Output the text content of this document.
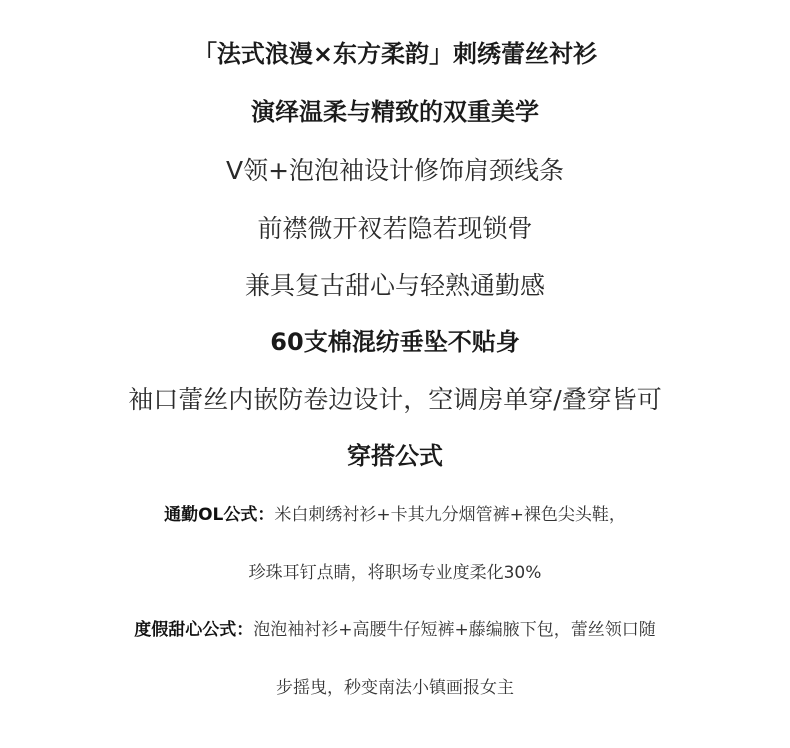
「法式浪漫×东方柔韵」刺绣蕾丝衬衫
演绎温柔与精致的双重美学
V领+泡泡袖设计修饰肩颈线条
前襟微开衩若隐若现锁骨
兼具复古甜心与轻熟通勤感
60支棉混纺垂坠不贴身
袖口蕾丝内嵌防卷边设计，空调房单穿/叠穿皆可
穿搭公式
通勤OL公式：米白刺绣衬衫+卡其九分烟管裤+裸色尖头鞋，
珍珠耳钉点睛，将职场专业度柔化30%
度假甜心公式：泡泡袖衬衫+高腰牛仔短裤+藤编腋下包，蕾丝领口随
步摇曳，秒变南法小镇画报女主
